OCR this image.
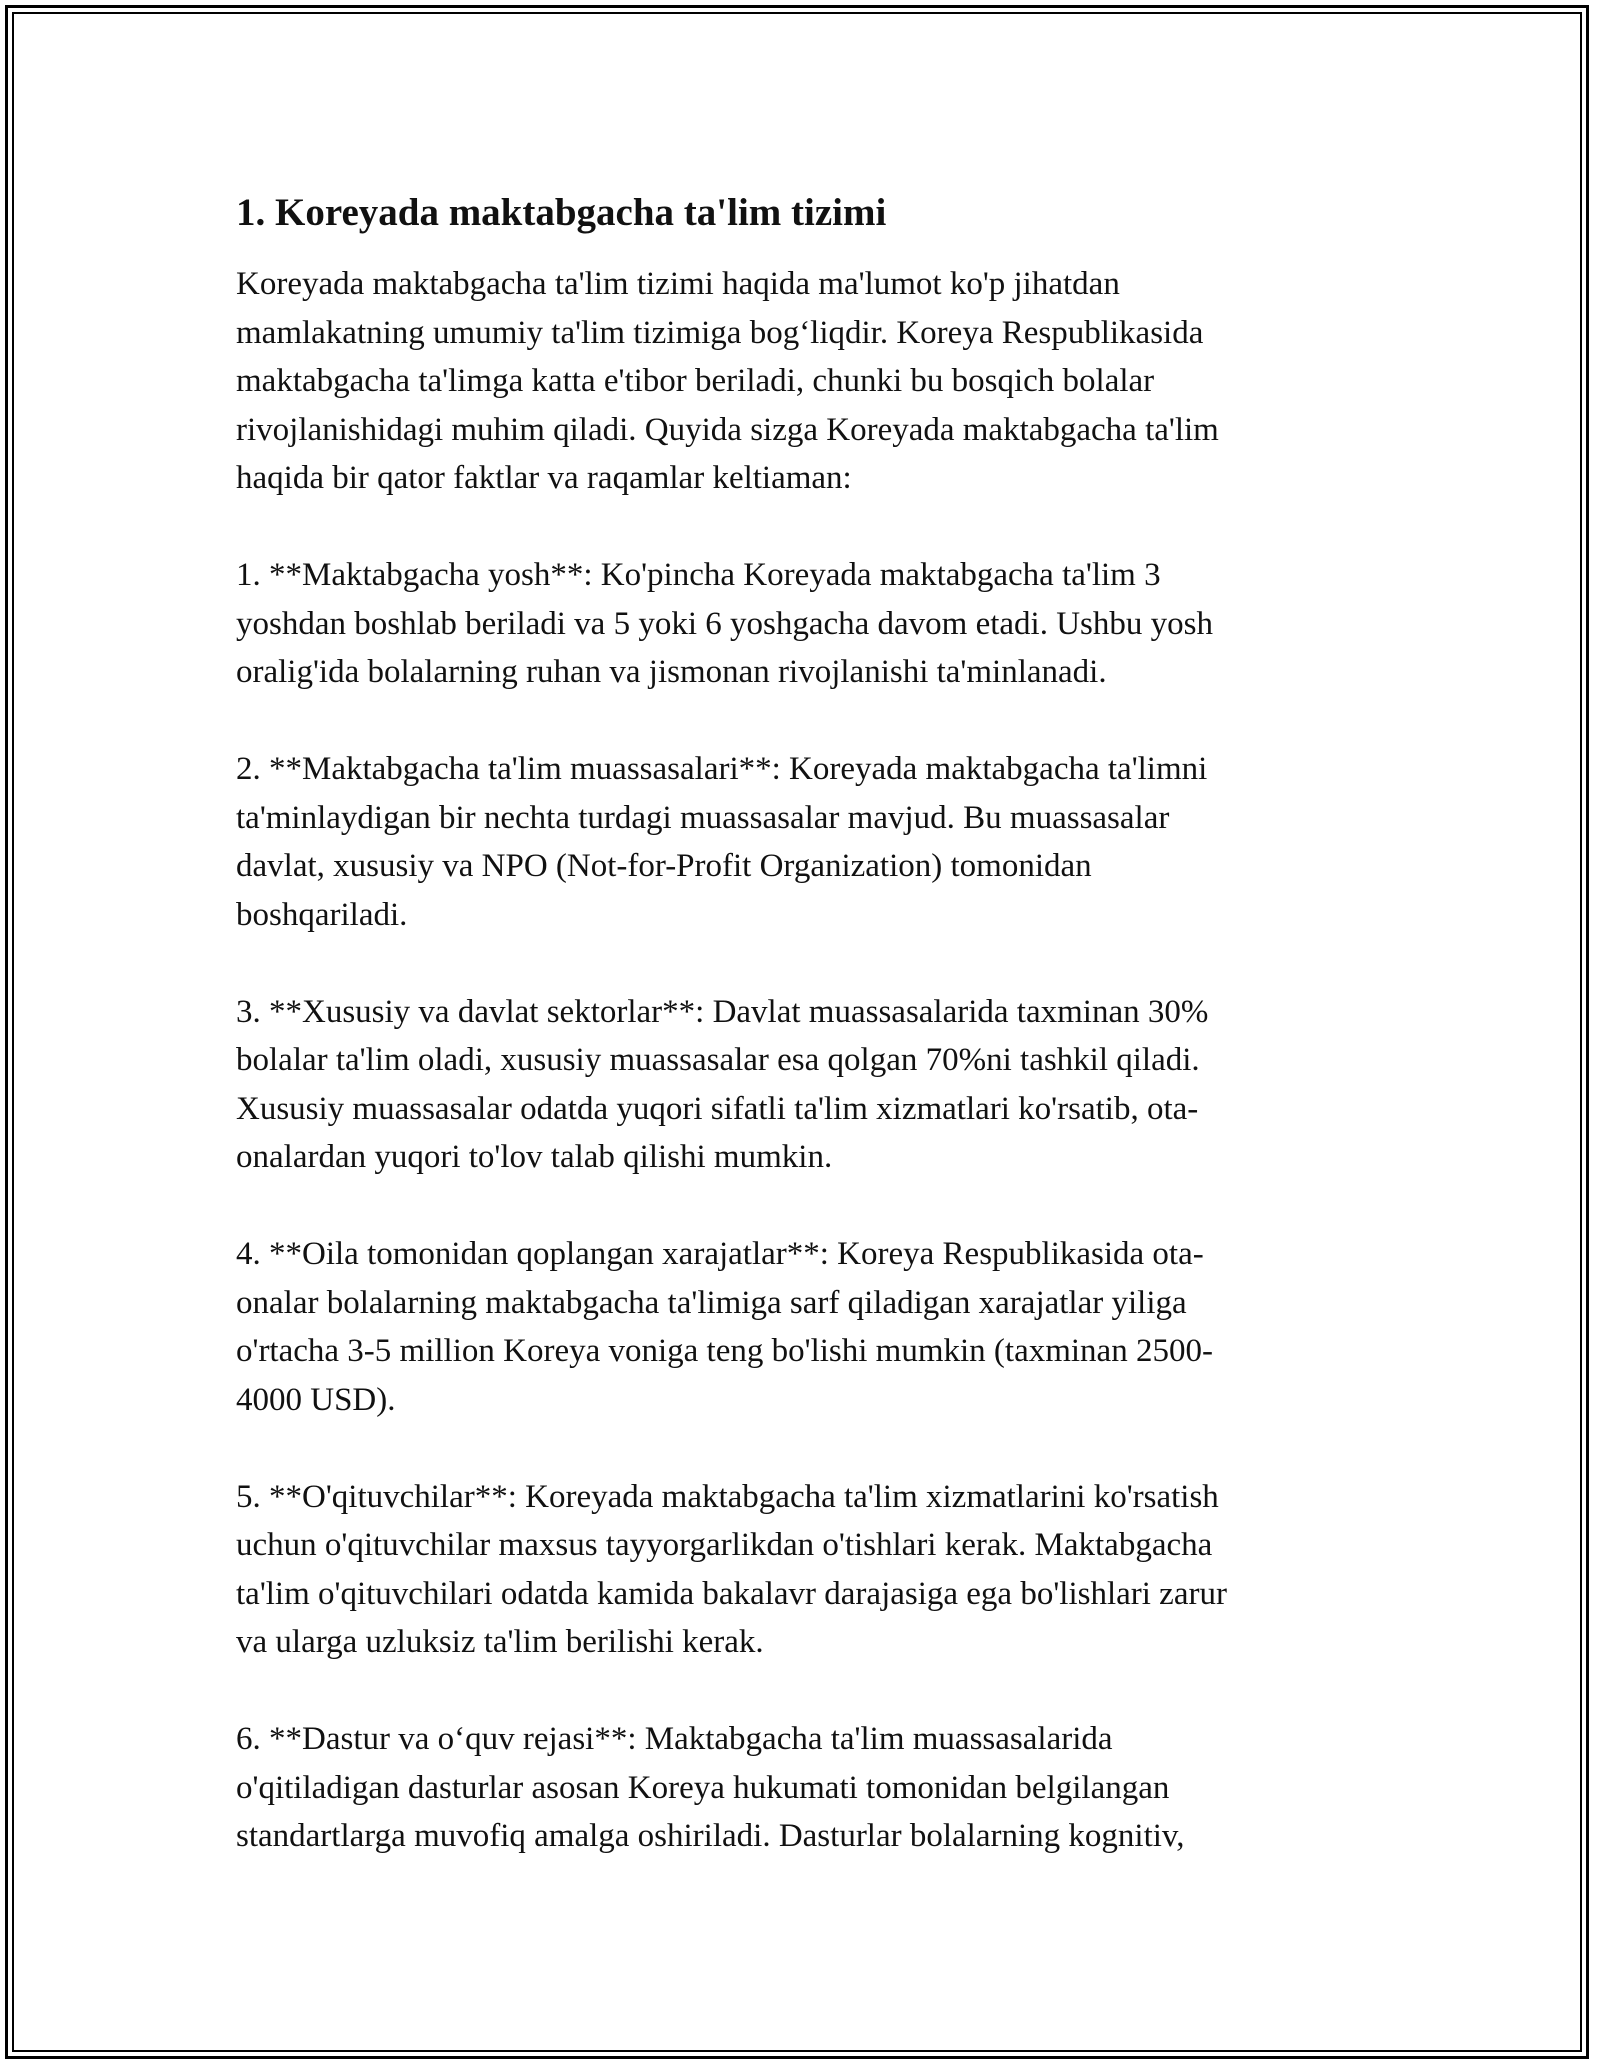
1. Koreyada maktabgacha ta'lim tizimi

Koreyada maktabgacha ta'lim tizimi haqida ma'lumot ko'p jihatdan
mamlakatning umumiy ta'lim tizimiga bog‘liqdir. Koreya Respublikasida
maktabgacha ta'limga katta e'tibor beriladi, chunki bu bosqich bolalar
rivojlanishidagi muhim qiladi. Quyida sizga Koreyada maktabgacha ta'lim
haqida bir qator faktlar va raqamlar keltiaman:

1. **Maktabgacha yosh**: Ko'pincha Koreyada maktabgacha ta'lim 3
yoshdan boshlab beriladi va 5 yoki 6 yoshgacha davom etadi. Ushbu yosh
oralig'ida bolalarning ruhan va jismonan rivojlanishi ta'minlanadi.

2. **Maktabgacha ta'lim muassasalari**: Koreyada maktabgacha ta'limni
ta'minlaydigan bir nechta turdagi muassasalar mavjud. Bu muassasalar
davlat, xususiy va NPO (Not-for-Profit Organization) tomonidan
boshqariladi.

3. **Xususiy va davlat sektorlar**: Davlat muassasalarida taxminan 30%
bolalar ta'lim oladi, xususiy muassasalar esa qolgan 70%ni tashkil qiladi.
Xususiy muassasalar odatda yuqori sifatli ta'lim xizmatlari ko'rsatib, ota-
onalardan yuqori to'lov talab qilishi mumkin.

4. **Oila tomonidan qoplangan xarajatlar**: Koreya Respublikasida ota-
onalar bolalarning maktabgacha ta'limiga sarf qiladigan xarajatlar yiliga
o'rtacha 3-5 million Koreya voniga teng bo'lishi mumkin (taxminan 2500-
4000 USD).

5. **O'qituvchilar**: Koreyada maktabgacha ta'lim xizmatlarini ko'rsatish
uchun o'qituvchilar maxsus tayyorgarlikdan o'tishlari kerak. Maktabgacha
ta'lim o'qituvchilari odatda kamida bakalavr darajasiga ega bo'lishlari zarur
va ularga uzluksiz ta'lim berilishi kerak.

6. **Dastur va o‘quv rejasi**: Maktabgacha ta'lim muassasalarida
o'qitiladigan dasturlar asosan Koreya hukumati tomonidan belgilangan
standartlarga muvofiq amalga oshiriladi. Dasturlar bolalarning kognitiv,
